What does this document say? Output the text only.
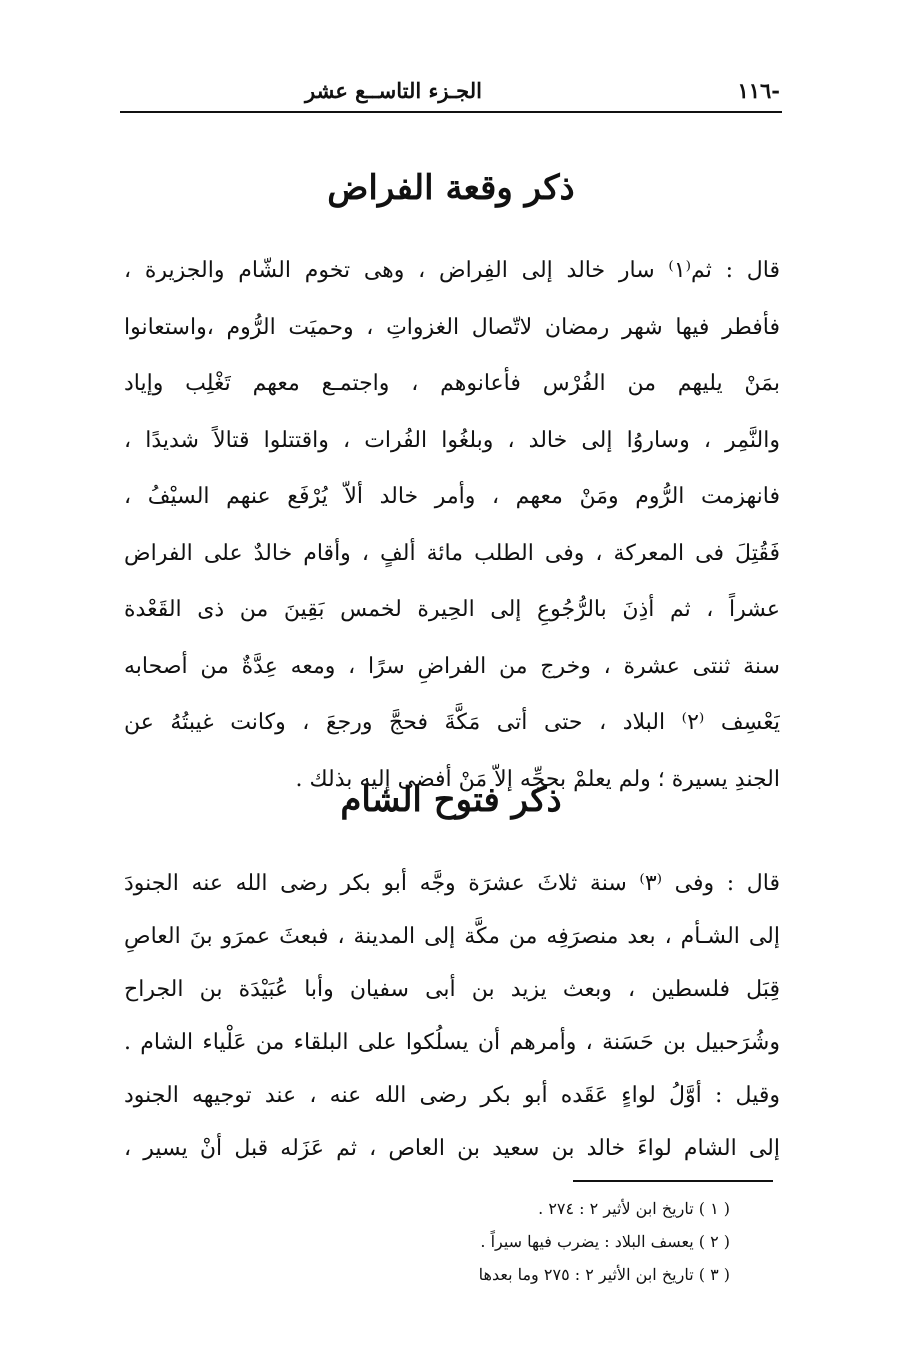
-١١٦
الجـزء التاســع عشر
ذكر وقعة الفراض
قال : ثم⁽١⁾ سار خالد إلى الفِراض ، وهى تخوم الشّام والجزيرة ،
فأفطر فيها شهر رمضان لاتّصال الغزواتِ ، وحميَت الرُّوم ،واستعانوا
بمَنْ يليهم من الفُرْس فأعانوهم ، واجتمـع معهم تَغْلِب وإياد
والنَّمِر ، وساروُا إلى خالد ، وبلغُوا الفُرات ، واقتتلوا قتالاً شديدًا ،
فانهزمت الرُّوم ومَنْ معهم ، وأمر خالد ألاّ يُرْفَع عنهم السيْفُ ،
فَقُتِلَ فى المعركة ، وفى الطلب مائة ألفٍ ، وأقام خالدٌ على الفراض
عشراً ، ثم أذِنَ بالرُّجُوعِ إلى الحِيرة لخمس بَقِينَ من ذى القَعْدة
سنة ثنتى عشرة ، وخرج من الفراضِ سرًا ، ومعه عِدَّةٌ من أصحابه
يَعْسِف ⁽٢⁾ البلاد ، حتى أتى مَكَّةَ فحجَّ ورجعَ ، وكانت غيبتُهُ عن
الجندِ يسيرة ؛ ولم يعلمْ بحجِّه إلاّ مَنْ أفضى إليه بذلك .
ذكر فتوح الشام
قال : وفى ⁽٣⁾ سنة ثلاثَ عشرَة وجَّه أبو بكر رضى الله عنه الجنودَ
إلى الشـأم ، بعد منصرَفِه من مكَّة إلى المدينة ، فبعثَ عمرَو بنَ العاصِ
قِبَل فلسطين ، وبعث يزيد بن أبى سفيان وأبا عُبَيْدَة بن الجراح
وشُرَحبيل بن حَسَنة ، وأمرهم أن يسلُكوا على البلقاء من عَلْياء الشام .
وقيل : أوَّلُ لواءٍ عَقَده أبو بكر رضى الله عنه ، عند توجيهه الجنود
إلى الشام لواءَ خالد بن سعيد بن العاص ، ثم عَزَله قبل أنْ يسير ،
( ١ ) تاريخ ابن لأثير ٢ : ٢٧٤ .
( ٢ ) يعسف البلاد : يضرب فيها سيراً .
( ٣ ) تاريخ ابن الأثير ٢ : ٢٧٥ وما بعدها
